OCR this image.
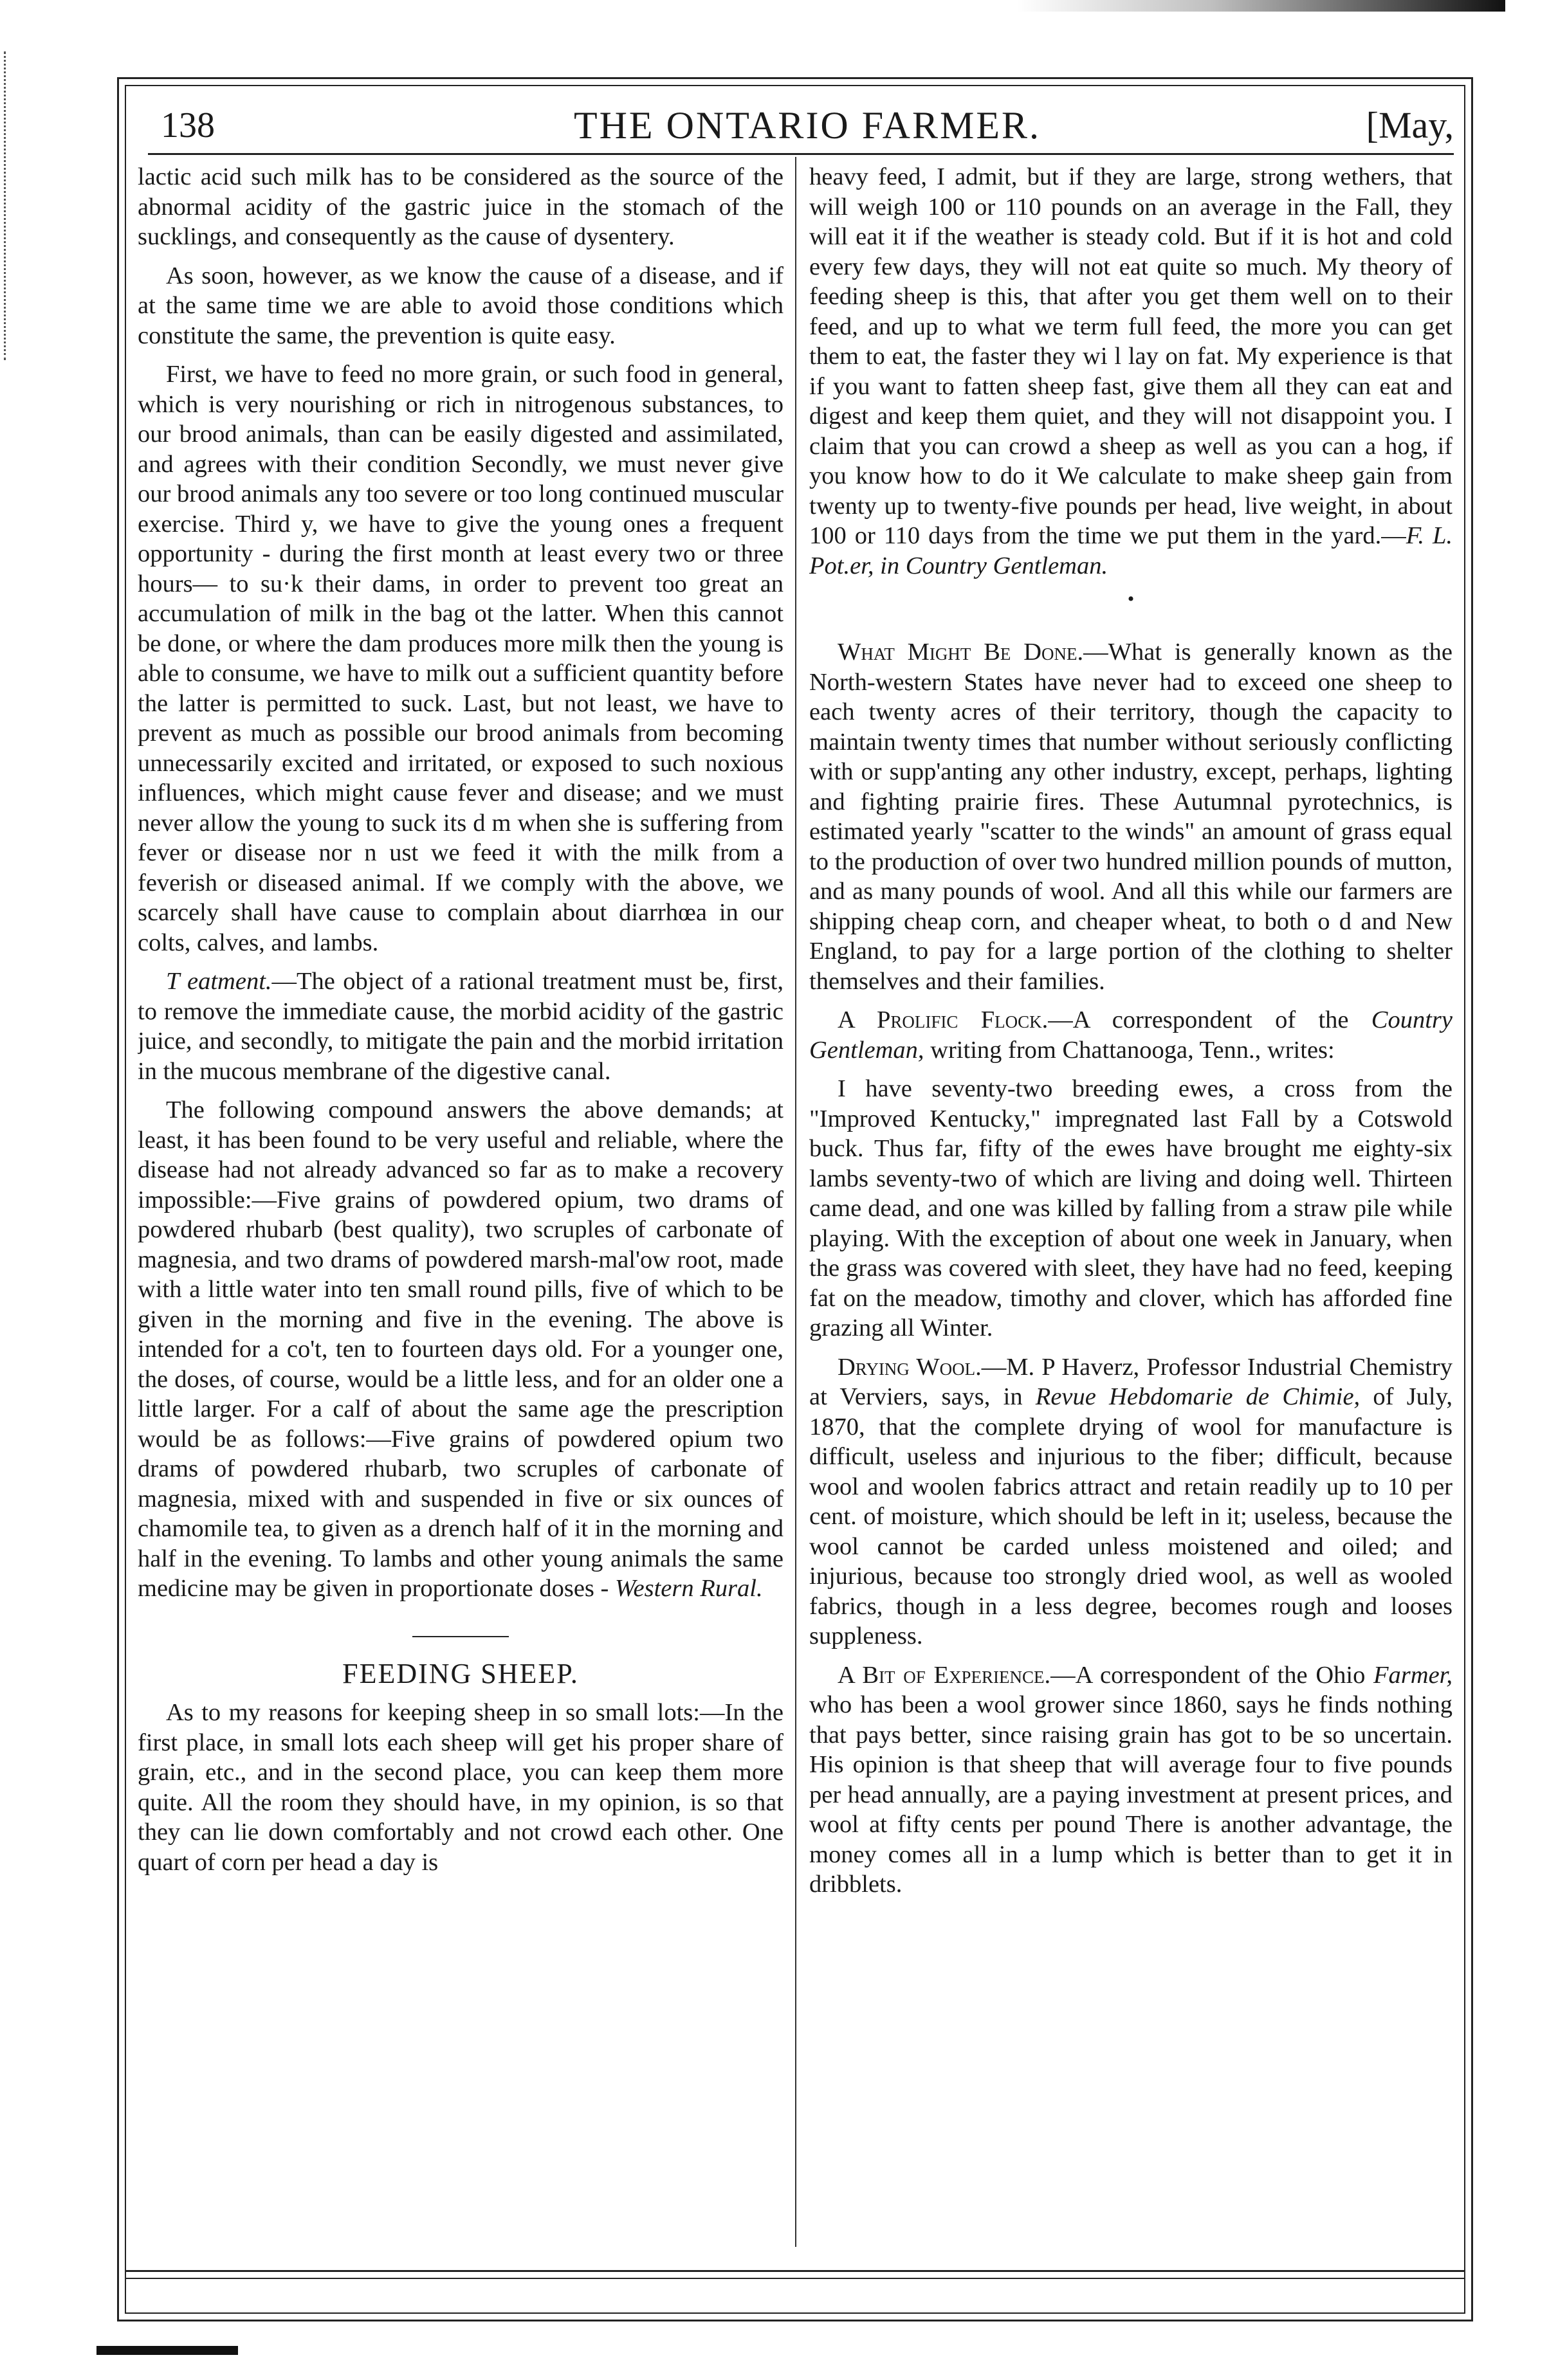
138	THE ONTARIO FARMER.	[May,

lactic acid such milk has to be considered as the source of the abnormal acidity of the gastric juice in the stomach of the sucklings, and consequently as the cause of dysentery.

As soon, however, as we know the cause of a disease, and if at the same time we are able to avoid those conditions which constitute the same, the prevention is quite easy.

First, we have to feed no more grain, or such food in general, which is very nourishing or rich in nitrogenous substances, to our brood animals, than can be easily digested and assimilated, and agrees with their condition Secondly, we must never give our brood animals any too severe or too long continued muscular exercise. Third y, we have to give the young ones a frequent opportunity - during the first month at least every two or three hours— to su·k their dams, in order to prevent too great an accumulation of milk in the bag ot the latter. When this cannot be done, or where the dam produces more milk then the young is able to consume, we have to milk out a sufficient quantity before the latter is permitted to suck. Last, but not least, we have to prevent as much as possible our brood animals from becoming unnecessarily excited and irritated, or exposed to such noxious influences, which might cause fever and disease; and we must never allow the young to suck its d m when she is suffering from fever or disease nor n ust we feed it with the milk from a feverish or diseased animal. If we comply with the above, we scarcely shall have cause to complain about diarrhœa in our colts, calves, and lambs.

T eatment.—The object of a rational treatment must be, first, to remove the immediate cause, the morbid acidity of the gastric juice, and secondly, to mitigate the pain and the morbid irritation in the mucous membrane of the digestive canal.

The following compound answers the above demands; at least, it has been found to be very useful and reliable, where the disease had not already advanced so far as to make a recovery impossible:—Five grains of powdered opium, two drams of powdered rhubarb (best quality), two scruples of carbonate of magnesia, and two drams of powdered marsh-mal'ow root, made with a little water into ten small round pills, five of which to be given in the morning and five in the evening. The above is intended for a co't, ten to fourteen days old. For a younger one, the doses, of course, would be a little less, and for an older one a little larger. For a calf of about the same age the prescription would be as follows:—Five grains of powdered opium two drams of powdered rhubarb, two scruples of carbonate of magnesia, mixed with and suspended in five or six ounces of chamomile tea, to given as a drench half of it in the morning and half in the evening. To lambs and other young animals the same medicine may be given in proportionate doses - Western Rural.

FEEDING SHEEP.

As to my reasons for keeping sheep in so small lots:—In the first place, in small lots each sheep will get his proper share of grain, etc., and in the second place, you can keep them more quite. All the room they should have, in my opinion, is so that they can lie down comfortably and not crowd each other. One quart of corn per head a day is

heavy feed, I admit, but if they are large, strong wethers, that will weigh 100 or 110 pounds on an average in the Fall, they will eat it if the weather is steady cold. But if it is hot and cold every few days, they will not eat quite so much. My theory of feeding sheep is this, that after you get them well on to their feed, and up to what we term full feed, the more you can get them to eat, the faster they wi l lay on fat. My experience is that if you want to fatten sheep fast, give them all they can eat and digest and keep them quiet, and they will not disappoint you. I claim that you can crowd a sheep as well as you can a hog, if you know how to do it We calculate to make sheep gain from twenty up to twenty-five pounds per head, live weight, in about 100 or 110 days from the time we put them in the yard.—F. L. Pot.er, in Country Gentleman.

•

What Might Be Done.—What is generally known as the North-western States have never had to exceed one sheep to each twenty acres of their territory, though the capacity to maintain twenty times that number without seriously conflicting with or supp'anting any other industry, except, perhaps, lighting and fighting prairie fires. These Autumnal pyrotechnics, is estimated yearly "scatter to the winds" an amount of grass equal to the production of over two hundred million pounds of mutton, and as many pounds of wool. And all this while our farmers are shipping cheap corn, and cheaper wheat, to both o d and New England, to pay for a large portion of the clothing to shelter themselves and their families.

A Prolific Flock.—A correspondent of the Country Gentleman, writing from Chattanooga, Tenn., writes:

I have seventy-two breeding ewes, a cross from the "Improved Kentucky," impregnated last Fall by a Cotswold buck. Thus far, fifty of the ewes have brought me eighty-six lambs seventy-two of which are living and doing well. Thirteen came dead, and one was killed by falling from a straw pile while playing. With the exception of about one week in January, when the grass was covered with sleet, they have had no feed, keeping fat on the meadow, timothy and clover, which has afforded fine grazing all Winter.

Drying Wool.—M. P Haverz, Professor Industrial Chemistry at Verviers, says, in Revue Hebdomarie de Chimie, of July, 1870, that the complete drying of wool for manufacture is difficult, useless and injurious to the fiber; difficult, because wool and woolen fabrics attract and retain readily up to 10 per cent. of moisture, which should be left in it; useless, because the wool cannot be carded unless moistened and oiled; and injurious, because too strongly dried wool, as well as wooled fabrics, though in a less degree, becomes rough and looses suppleness.

A Bit of Experience.—A correspondent of the Ohio Farmer, who has been a wool grower since 1860, says he finds nothing that pays better, since raising grain has got to be so uncertain. His opinion is that sheep that will average four to five pounds per head annually, are a paying investment at present prices, and wool at fifty cents per pound There is another advantage, the money comes all in a lump which is better than to get it in dribblets.
